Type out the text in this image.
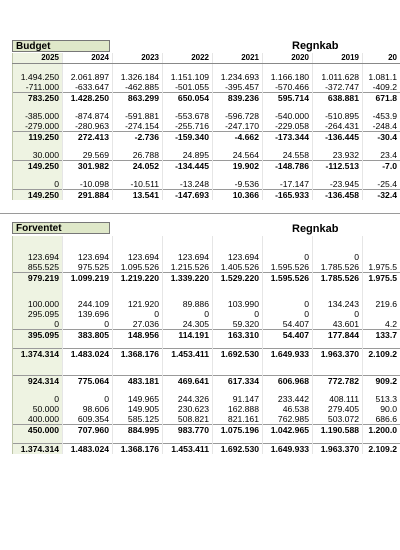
Budget	Regnkab
2025	2024	2023	2022	2021	2020	2019	20

1.494.250	2.061.897	1.326.184	1.151.109	1.234.693	1.166.180	1.011.628	1.081.1
-711.000	-633.647	-462.885	-501.055	-395.457	-570.466	-372.747	-409.2
783.250	1.428.250	863.299	650.054	839.236	595.714	638.881	671.8

-385.000	-874.874	-591.881	-553.678	-596.728	-540.000	-510.895	-453.9
-279.000	-280.963	-274.154	-255.716	-247.170	-229.058	-264.431	-248.4
119.250	272.413	-2.736	-159.340	-4.662	-173.344	-136.445	-30.4

30.000	29.569	26.788	24.895	24.564	24.558	23.932	23.4
149.250	301.982	24.052	-134.445	19.902	-148.786	-112.513	-7.0

0	-10.098	-10.511	-13.248	-9.536	-17.147	-23.945	-25.4
149.250	291.884	13.541	-147.693	10.366	-165.933	-136.458	-32.4
Forventet	Regnkab

123.694	123.694	123.694	123.694	123.694	0	0	
855.525	975.525	1.095.526	1.215.526	1.405.526	1.595.526	1.785.526	1.975.5
979.219	1.099.219	1.219.220	1.339.220	1.529.220	1.595.526	1.785.526	1.975.5

100.000	244.109	121.920	89.886	103.990	0	134.243	219.6
295.095	139.696	0	0	0	0	0	
0	0	27.036	24.305	59.320	54.407	43.601	4.2
395.095	383.805	148.956	114.191	163.310	54.407	177.844	133.7

1.374.314	1.483.024	1.368.176	1.453.411	1.692.530	1.649.933	1.963.370	2.109.2

924.314	775.064	483.181	469.641	617.334	606.968	772.782	909.2

0	0	149.965	244.326	91.147	233.442	408.111	513.3
50.000	98.606	149.905	230.623	162.888	46.538	279.405	90.0
400.000	609.354	585.125	508.821	821.161	762.985	503.072	686.6
450.000	707.960	884.995	983.770	1.075.196	1.042.965	1.190.588	1.200.0

1.374.314	1.483.024	1.368.176	1.453.411	1.692.530	1.649.933	1.963.370	2.109.2
